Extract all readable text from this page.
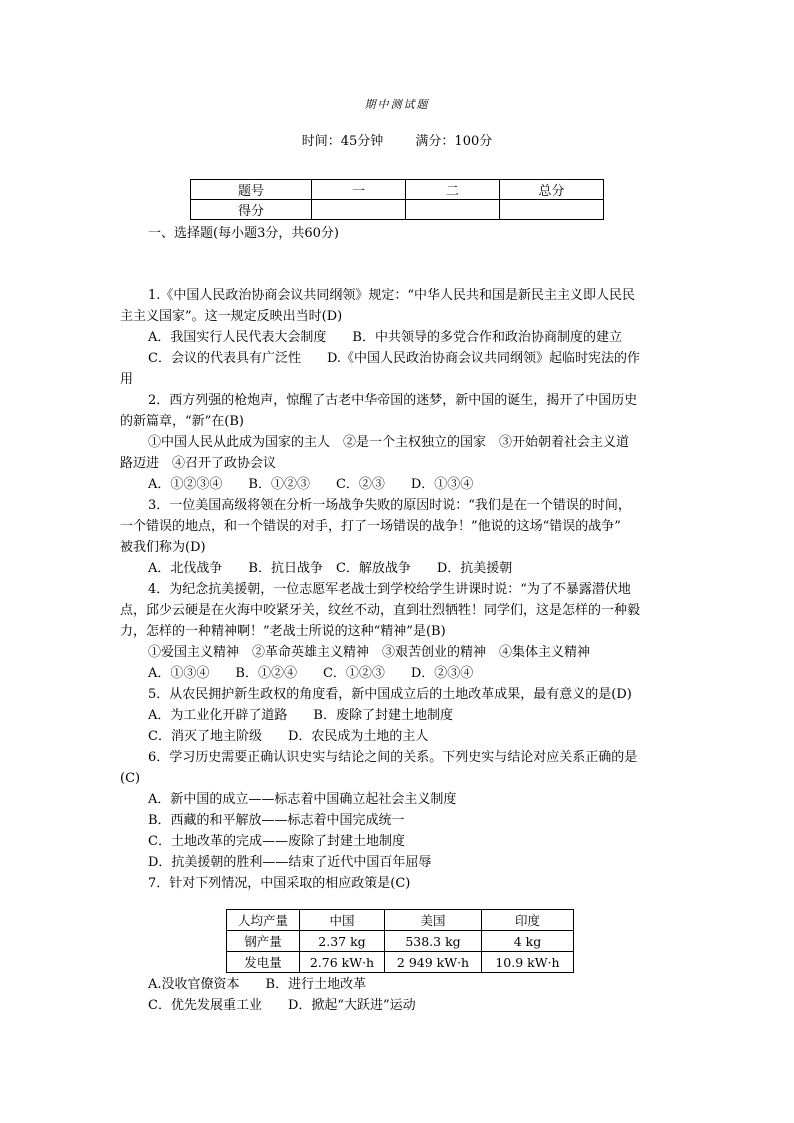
期中测试题
时间：45分钟 满分：100分
题号	一	二	总分
得分			
一、选择题(每小题3分，共60分)
1.《中国人民政治协商会议共同纲领》规定：“中华人民共和国是新民主主义即人民民
主主义国家”。这一规定反映出当时(D)
A．我国实行人民代表大会制度　　B．中共领导的多党合作和政治协商制度的建立
C．会议的代表具有广泛性　　D.《中国人民政治协商会议共同纲领》起临时宪法的作
用
2．西方列强的枪炮声，惊醒了古老中华帝国的迷梦，新中国的诞生，揭开了中国历史
的新篇章，“新”在(B)
①中国人民从此成为国家的主人　②是一个主权独立的国家　③开始朝着社会主义道
路迈进　④召开了政协会议
A．①②③④　　B．①②③　　C．②③　　D．①③④
3．一位美国高级将领在分析一场战争失败的原因时说：“我们是在一个错误的时间，
一个错误的地点，和一个错误的对手，打了一场错误的战争！”他说的这场“错误的战争”
被我们称为(D)
A．北伐战争　　B．抗日战争　C．解放战争　　D．抗美援朝
4．为纪念抗美援朝，一位志愿军老战士到学校给学生讲课时说：“为了不暴露潜伏地
点，邱少云硬是在火海中咬紧牙关，纹丝不动，直到壮烈牺牲！同学们，这是怎样的一种毅
力，怎样的一种精神啊！”老战士所说的这种“精神”是(B)
①爱国主义精神　②革命英雄主义精神　③艰苦创业的精神　④集体主义精神
A．①③④　　B．①②④　　C．①②③　　D．②③④
5．从农民拥护新生政权的角度看，新中国成立后的土地改革成果，最有意义的是(D)
A．为工业化开辟了道路　　B．废除了封建土地制度
C．消灭了地主阶级　　D．农民成为土地的主人
6．学习历史需要正确认识史实与结论之间的关系。下列史实与结论对应关系正确的是
(C)
A．新中国的成立——标志着中国确立起社会主义制度
B．西藏的和平解放——标志着中国完成统一
C．土地改革的完成——废除了封建土地制度
D．抗美援朝的胜利——结束了近代中国百年屈辱
7．针对下列情况，中国采取的相应政策是(C)
人均产量	中国	美国	印度
钢产量	2.37 kg	538.3 kg	4 kg
发电量	2.76 kW·h	2 949 kW·h	10.9 kW·h
A.没收官僚资本　　B．进行土地改革
C．优先发展重工业　　D．掀起“大跃进”运动
